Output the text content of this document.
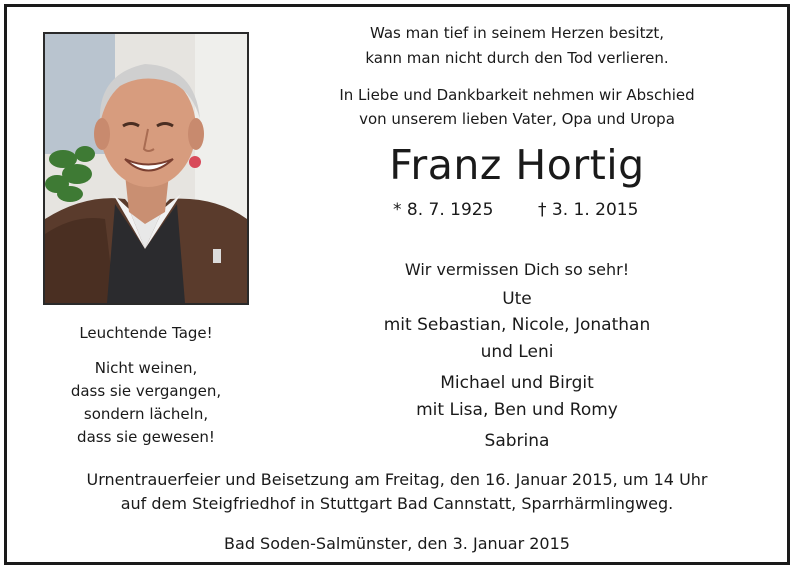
Was man tief in seinem Herzen besitzt,
kann man nicht durch den Tod verlieren.
In Liebe und Dankbarkeit nehmen wir Abschied
von unserem lieben Vater, Opa und Uropa
Franz Hortig
* 8. 7. 1925	† 3. 1. 2015
Wir vermissen Dich so sehr!
Ute
mit Sebastian, Nicole, Jonathan
und Leni
Michael und Birgit
mit Lisa, Ben und Romy
Sabrina
Leuchtende Tage!
Nicht weinen,
dass sie vergangen,
sondern lächeln,
dass sie gewesen!
Urnentrauerfeier und Beisetzung am Freitag, den 16. Januar 2015, um 14 Uhr
auf dem Steigfriedhof in Stuttgart Bad Cannstatt, Sparrhärmlingweg.
Bad Soden-Salmünster, den 3. Januar 2015
